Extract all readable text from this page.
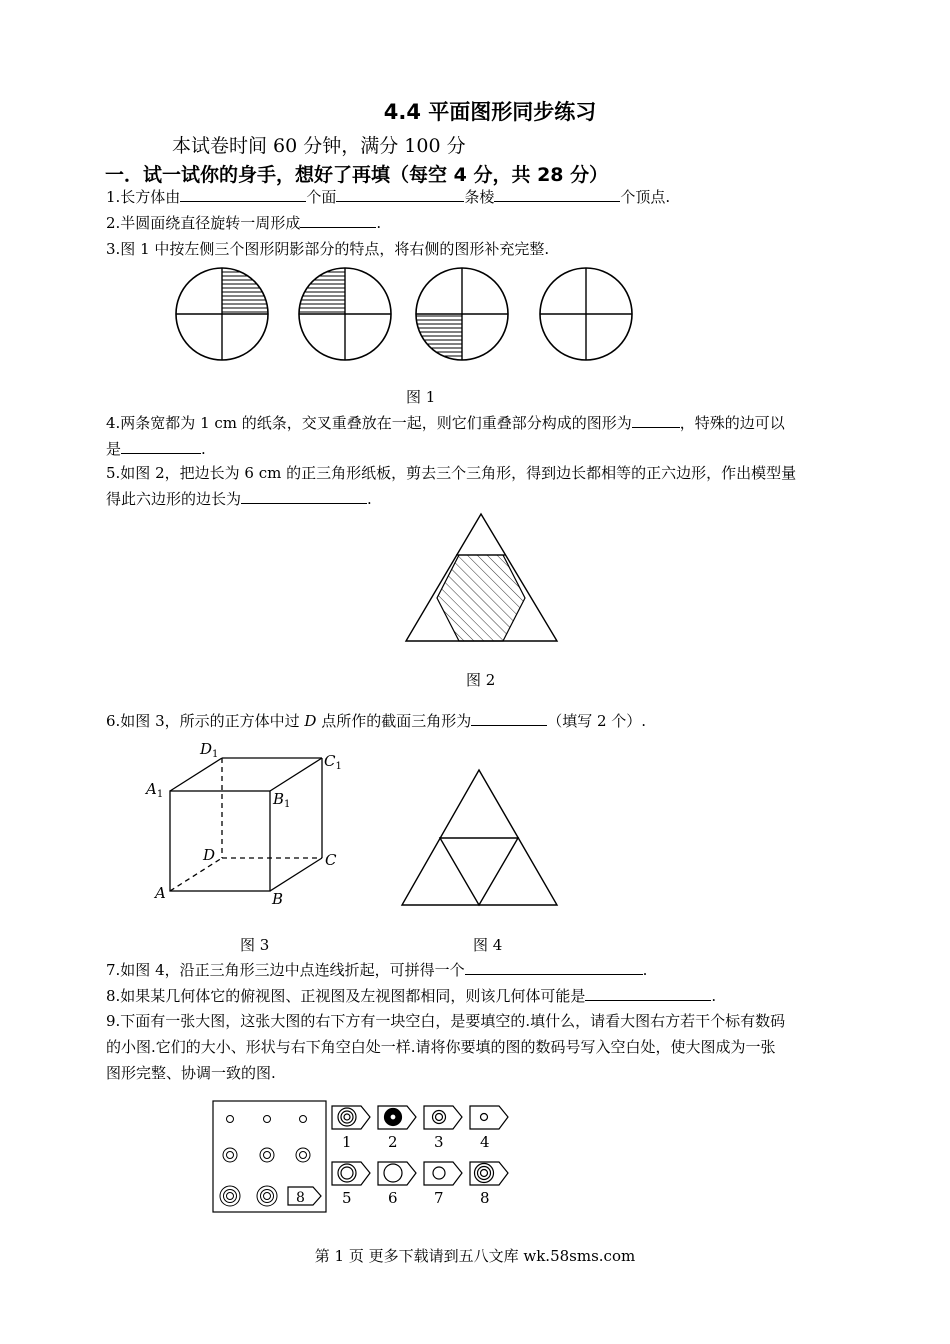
4.4 平面图形同步练习
本试卷时间 60 分钟，满分 100 分
一．试一试你的身手，想好了再填（每空 4 分，共 28 分）
1.长方体由	个面	条棱	个顶点.
2.半圆面绕直径旋转一周形成	.
3.图 1 中按左侧三个图形阴影部分的特点，将右侧的图形补充完整.
图 1
4.两条宽都为 1 cm 的纸条，交叉重叠放在一起，则它们重叠部分构成的图形为	，特殊的边可以
是	.
5.如图 2，把边长为 6 cm 的正三角形纸板，剪去三个三角形，得到边长都相等的正六边形，作出模型量
得此六边形的边长为	.
图 2
6.如图 3，所示的正方体中过 D 点所作的截面三角形为	（填写 2 个）.
$D_1$	$C_1$
$A_1$	$B_1$
D	C
A	B
图 3	图 4
7.如图 4，沿正三角形三边中点连线折起，可拼得一个	.
8.如果某几何体它的俯视图、正视图及左视图都相同，则该几何体可能是	.
9.下面有一张大图，这张大图的右下方有一块空白，是要填空的.填什么，请看大图右方若干个标有数码
的小图.它们的大小、形状与右下角空白处一样.请将你要填的图的数码号写入空白处，使大图成为一张
图形完整、协调一致的图.
8
1 2 3 4
5 6 7 8
第 1 页 更多下载请到五八文库 wk.58sms.com
